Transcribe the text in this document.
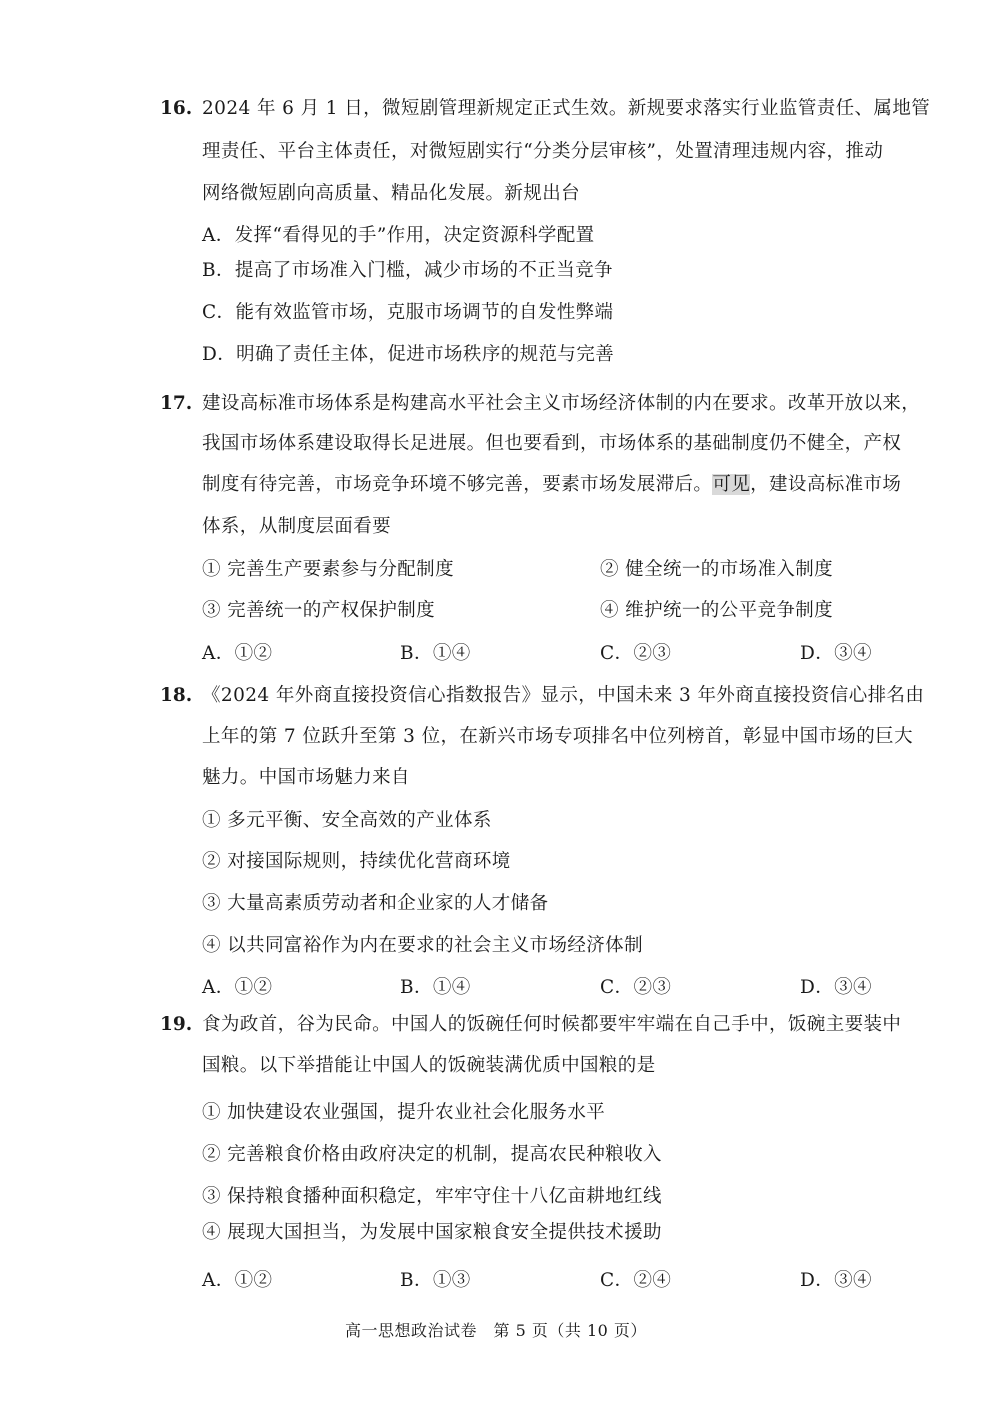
16. 2024 年 6 月 1 日，微短剧管理新规定正式生效。新规要求落实行业监管责任、属地管
理责任、平台主体责任，对微短剧实行“分类分层审核”，处置清理违规内容，推动
网络微短剧向高质量、精品化发展。新规出台
A．发挥“看得见的手”作用，决定资源科学配置
B．提高了市场准入门槛，减少市场的不正当竞争
C．能有效监管市场，克服市场调节的自发性弊端
D．明确了责任主体，促进市场秩序的规范与完善
17. 建设高标准市场体系是构建高水平社会主义市场经济体制的内在要求。改革开放以来，
我国市场体系建设取得长足进展。但也要看到，市场体系的基础制度仍不健全，产权
制度有待完善，市场竞争环境不够完善，要素市场发展滞后。可见，建设高标准市场
体系，从制度层面看要
① 完善生产要素参与分配制度	② 健全统一的市场准入制度
③ 完善统一的产权保护制度	④ 维护统一的公平竞争制度
A．①②	B．①④	C．②③	D．③④
18. 《2024 年外商直接投资信心指数报告》显示，中国未来 3 年外商直接投资信心排名由
上年的第 7 位跃升至第 3 位，在新兴市场专项排名中位列榜首，彰显中国市场的巨大
魅力。中国市场魅力来自
① 多元平衡、安全高效的产业体系
② 对接国际规则，持续优化营商环境
③ 大量高素质劳动者和企业家的人才储备
④ 以共同富裕作为内在要求的社会主义市场经济体制
A．①②	B．①④	C．②③	D．③④
19. 食为政首，谷为民命。中国人的饭碗任何时候都要牢牢端在自己手中，饭碗主要装中
国粮。以下举措能让中国人的饭碗装满优质中国粮的是
① 加快建设农业强国，提升农业社会化服务水平
② 完善粮食价格由政府决定的机制，提高农民种粮收入
③ 保持粮食播种面积稳定，牢牢守住十八亿亩耕地红线
④ 展现大国担当，为发展中国家粮食安全提供技术援助
A．①②	B．①③	C．②④	D．③④
高一思想政治试卷　第 5 页（共 10 页）
